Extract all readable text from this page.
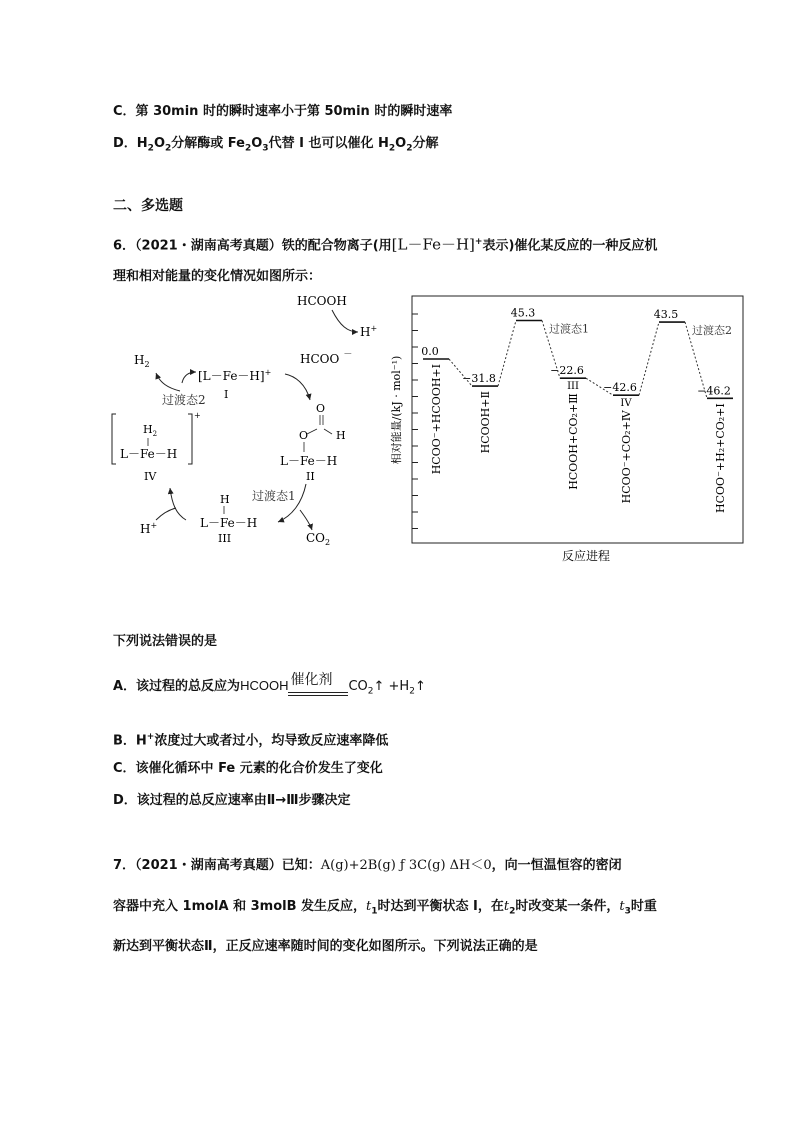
C．第 30min 时的瞬时速率小于第 50min 时的瞬时速率
D．$H_2O_2$分解酶或 $Fe_2O_3$代替 I 也可以催化 $H_2O_2$分解
二、多选题
6．（2021・湖南高考真题）铁的配合物离子(用[L－Fe－H]+表示)催化某反应的一种反应机
理和相对能量的变化情况如图所示：
HCOOH
H+
HCOO －
$H_2$
过渡态2
[L－Fe－H]+
I
O
O	H
L－Fe－H
II
+
$H_2$
L－Fe－H
IV
H
L－Fe－H
III
过渡态1
$CO_2$
H+
相对能量/(kJ · mol⁻¹)
反应进程
0.0
HCOO⁻+HCOOH+Ⅰ −31.8
HCOOH+Ⅱ
45.3
过渡态1
−22.6
III
HCOOH+CO₂+Ⅲ
−42.6
IV
HCOO⁻+CO₂+Ⅳ
43.5
过渡态2
−46.2
HCOO⁻+H₂+CO₂+Ⅰ
下列说法错误的是
A．该过程的总反应为HCOOH 催化剂 $CO_2↑$ $+H_2↑$
B．H+浓度过大或者过小，均导致反应速率降低
C．该催化循环中 Fe 元素的化合价发生了变化
D．该过程的总反应速率由Ⅱ→Ⅲ步骤决定
7．（2021・湖南高考真题）已知：A(g)+2B(g) ƒ 3C(g) ΔH＜0，向一恒温恒容的密闭
容器中充入 1molA 和 3molB 发生反应，$t_1$时达到平衡状态 I，在$t_2$时改变某一条件，$t_3$时重
新达到平衡状态Ⅱ，正反应速率随时间的变化如图所示。下列说法正确的是
